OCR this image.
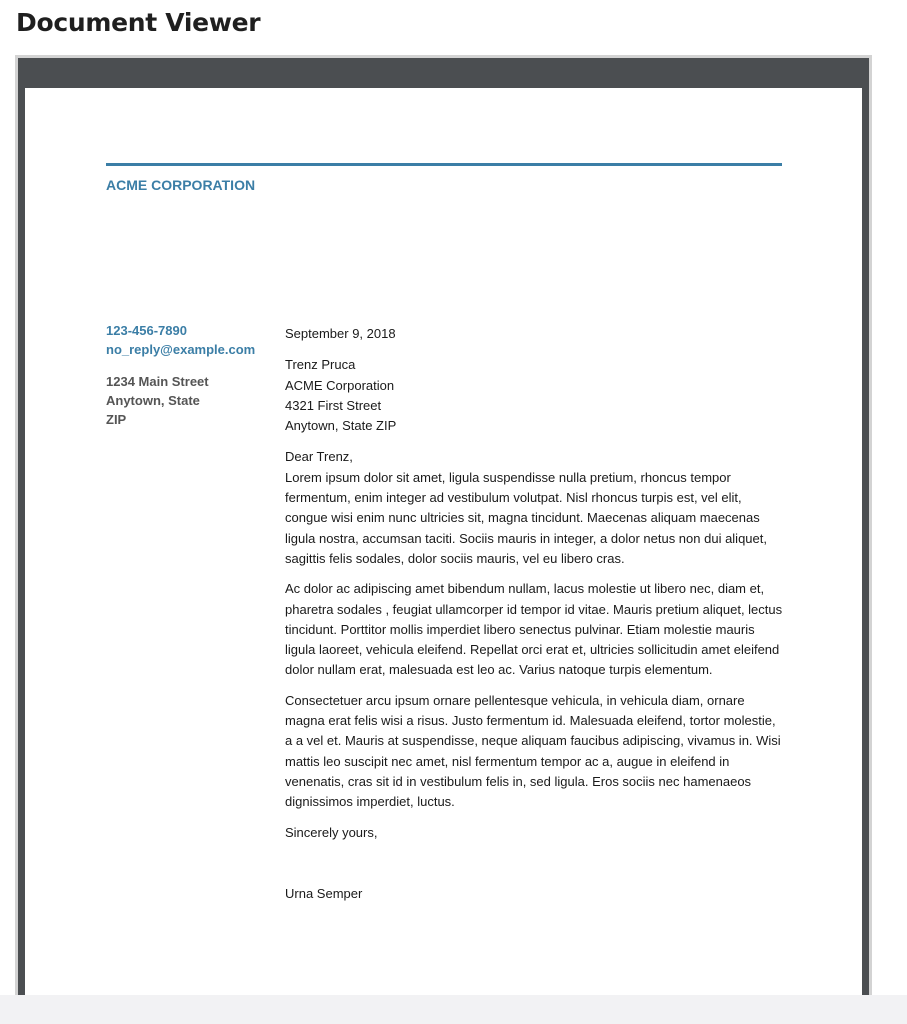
Document Viewer
ACME CORPORATION
123-456-7890
no_reply@example.com
1234 Main Street
Anytown, State
ZIP
September 9, 2018
Trenz Pruca
ACME Corporation
4321 First Street
Anytown, State ZIP

Dear Trenz,
Lorem ipsum dolor sit amet, ligula suspendisse nulla pretium, rhoncus tempor fermentum, enim integer ad vestibulum volutpat. Nisl rhoncus turpis est, vel elit, congue wisi enim nunc ultricies sit, magna tincidunt. Maecenas aliquam maecenas ligula nostra, accumsan taciti. Sociis mauris in integer, a dolor netus non dui aliquet, sagittis felis sodales, dolor sociis mauris, vel eu libero cras.

Ac dolor ac adipiscing amet bibendum nullam, lacus molestie ut libero nec, diam et, pharetra sodales , feugiat ullamcorper id tempor id vitae. Mauris pretium aliquet, lectus tincidunt. Porttitor mollis imperdiet libero senectus pulvinar. Etiam molestie mauris ligula laoreet, vehicula eleifend. Repellat orci erat et, ultricies sollicitudin amet eleifend dolor nullam erat, malesuada est leo ac. Varius natoque turpis elementum.

Consectetuer arcu ipsum ornare pellentesque vehicula, in vehicula diam, ornare magna erat felis wisi a risus. Justo fermentum id. Malesuada eleifend, tortor molestie, a a vel et. Mauris at suspendisse, neque aliquam faucibus adipiscing, vivamus in. Wisi mattis leo suscipit nec amet, nisl fermentum tempor ac a, augue in eleifend in venenatis, cras sit id in vestibulum felis in, sed ligula. Eros sociis nec hamenaeos dignissimos imperdiet, luctus.

Sincerely yours,
Urna Semper
